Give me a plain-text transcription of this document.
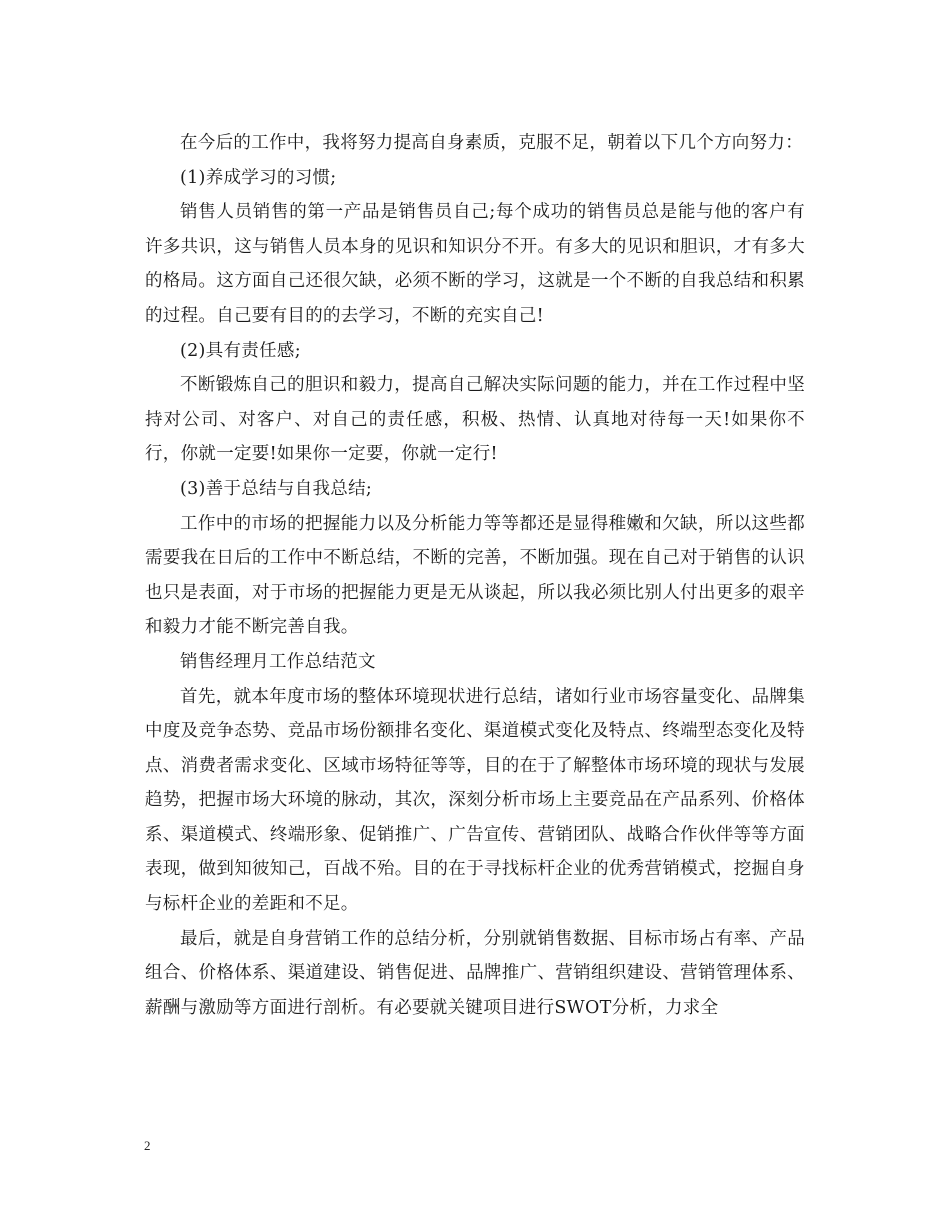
在今后的工作中，我将努力提高自身素质，克服不足，朝着以下几个方向努力：

(1)养成学习的习惯;

销售人员销售的第一产品是销售员自己;每个成功的销售员总是能与他的客户有许多共识，这与销售人员本身的见识和知识分不开。有多大的见识和胆识，才有多大的格局。这方面自己还很欠缺，必须不断的学习，这就是一个不断的自我总结和积累的过程。自己要有目的的去学习，不断的充实自己!

(2)具有责任感;

不断锻炼自己的胆识和毅力，提高自己解决实际问题的能力，并在工作过程中坚持对公司、对客户、对自己的责任感，积极、热情、认真地对待每一天!如果你不行，你就一定要!如果你一定要，你就一定行!

(3)善于总结与自我总结;

工作中的市场的把握能力以及分析能力等等都还是显得稚嫩和欠缺，所以这些都需要我在日后的工作中不断总结，不断的完善，不断加强。现在自己对于销售的认识也只是表面，对于市场的把握能力更是无从谈起，所以我必须比别人付出更多的艰辛和毅力才能不断完善自我。

销售经理月工作总结范文

首先，就本年度市场的整体环境现状进行总结，诸如行业市场容量变化、品牌集中度及竞争态势、竞品市场份额排名变化、渠道模式变化及特点、终端型态变化及特点、消费者需求变化、区域市场特征等等，目的在于了解整体市场环境的现状与发展趋势，把握市场大环境的脉动，其次，深刻分析市场上主要竞品在产品系列、价格体系、渠道模式、终端形象、促销推广、广告宣传、营销团队、战略合作伙伴等等方面表现，做到知彼知己，百战不殆。目的在于寻找标杆企业的优秀营销模式，挖掘自身与标杆企业的差距和不足。

最后，就是自身营销工作的总结分析，分别就销售数据、目标市场占有率、产品组合、价格体系、渠道建设、销售促进、品牌推广、营销组织建设、营销管理体系、薪酬与激励等方面进行剖析。有必要就关键项目进行SWOT分析，力求全

2
